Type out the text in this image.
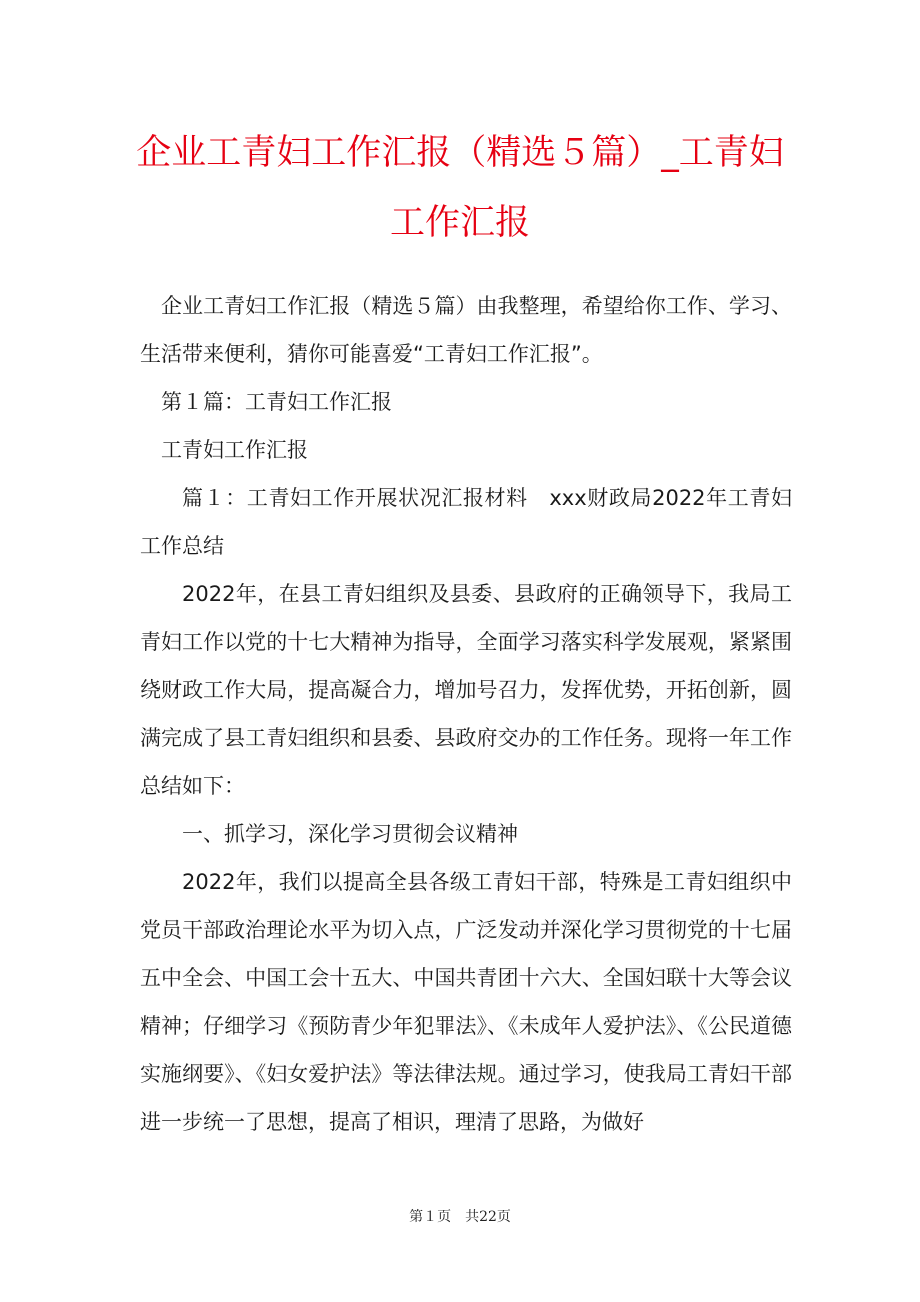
企业工青妇工作汇报（精选５篇）_工青妇工作汇报

企业工青妇工作汇报（精选５篇）由我整理，希望给你工作、学习、生活带来便利，猜你可能喜爱“工青妇工作汇报”。

第１篇：工青妇工作汇报

工青妇工作汇报

篇１：工青妇工作开展状况汇报材料　xxx财政局2022年工青妇工作总结

2022年，在县工青妇组织及县委、县政府的正确领导下，我局工青妇工作以党的十七大精神为指导，全面学习落实科学发展观，紧紧围绕财政工作大局，提高凝合力，增加号召力，发挥优势，开拓创新，圆满完成了县工青妇组织和县委、县政府交办的工作任务。现将一年工作总结如下：

一、抓学习，深化学习贯彻会议精神

2022年，我们以提高全县各级工青妇干部，特殊是工青妇组织中党员干部政治理论水平为切入点，广泛发动并深化学习贯彻党的十七届五中全会、中国工会十五大、中国共青团十六大、全国妇联十大等会议精神；仔细学习《预防青少年犯罪法》、《未成年人爱护法》、《公民道德实施纲要》、《妇女爱护法》等法律法规。通过学习，使我局工青妇干部进一步统一了思想，提高了相识，理清了思路，为做好

第１页 共22页
